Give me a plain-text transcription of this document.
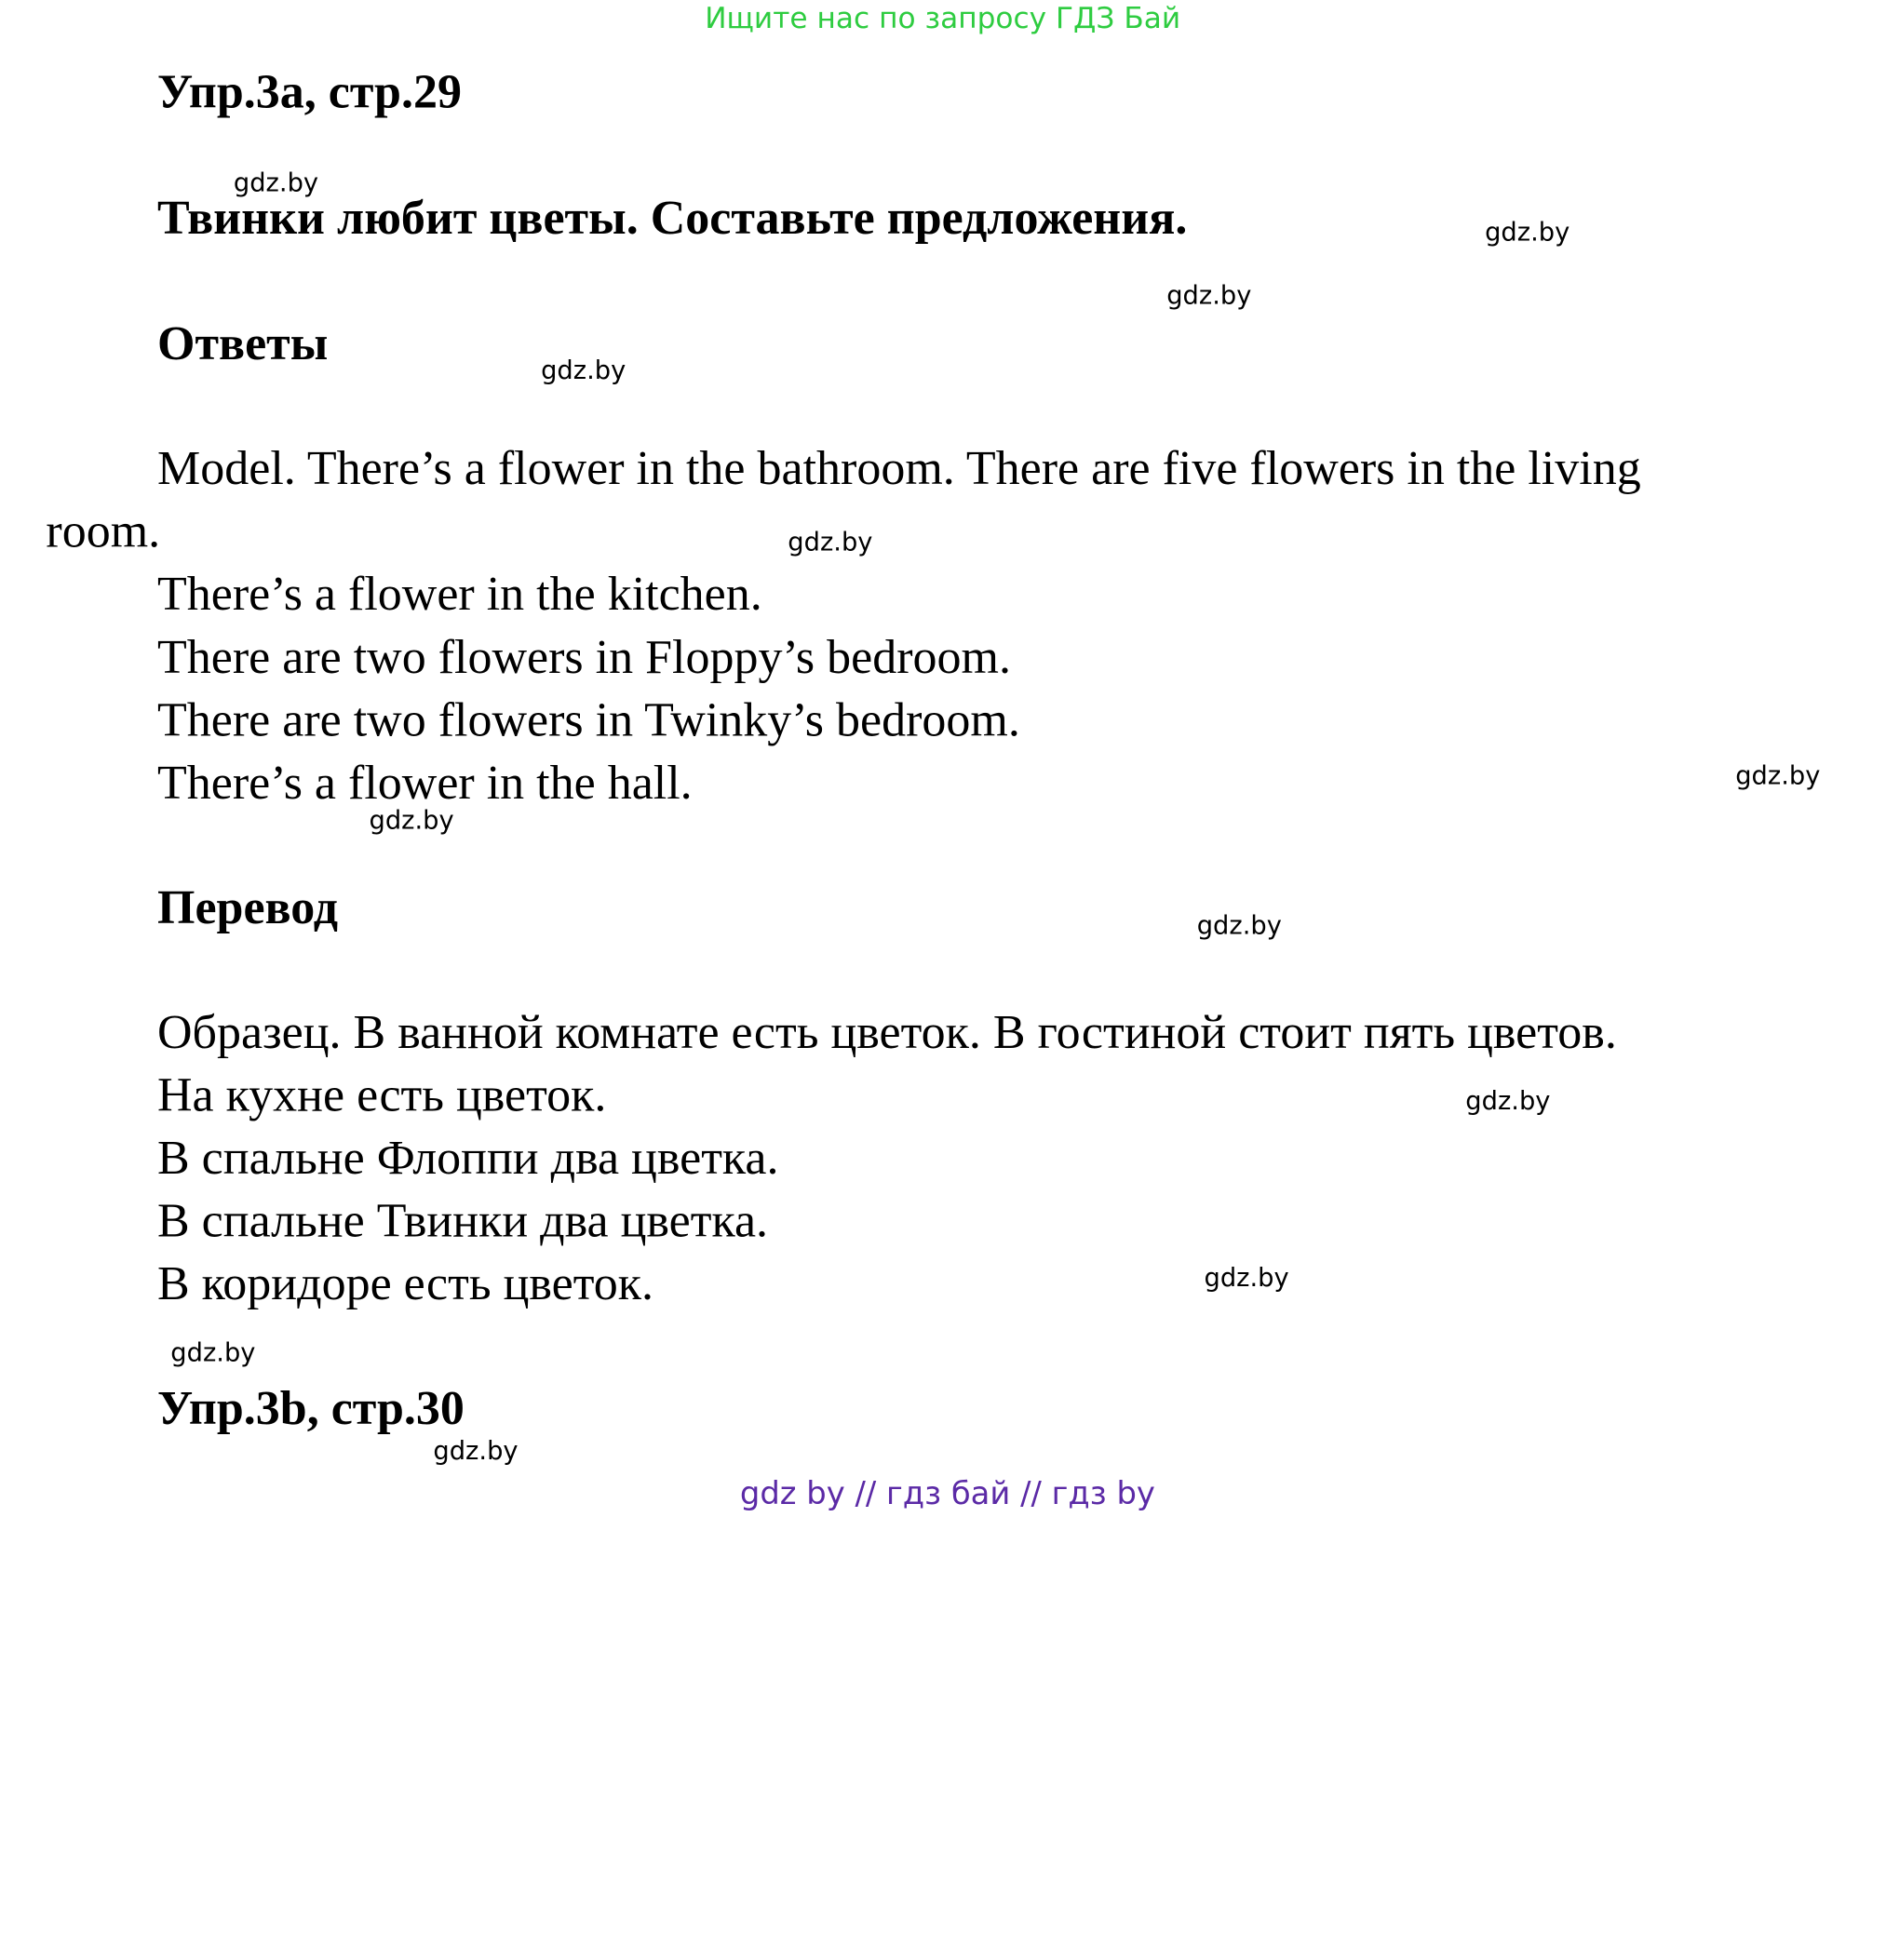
Ищите нас по запросу ГДЗ Бай
Упр.3a, стр.29
Твинки любит цветы. Составьте предложения.
Ответы
Model. There’s a flower in the bathroom. There are five flowers in the living
room.
There’s a flower in the kitchen.
There are two flowers in Floppy’s bedroom.
There are two flowers in Twinky’s bedroom.
There’s a flower in the hall.
Перевод
Образец. В ванной комнате есть цветок. В гостиной стоит пять цветов.
На кухне есть цветок.
В спальне Флоппи два цветка.
В спальне Твинки два цветка.
В коридоре есть цветок.
Упр.3b, стр.30
gdz.by
gdz.by
gdz.by
gdz.by
gdz.by
gdz.by
gdz.by
gdz.by
gdz.by
gdz.by
gdz.by
gdz.by
gdz by // гдз бай // гдз by
